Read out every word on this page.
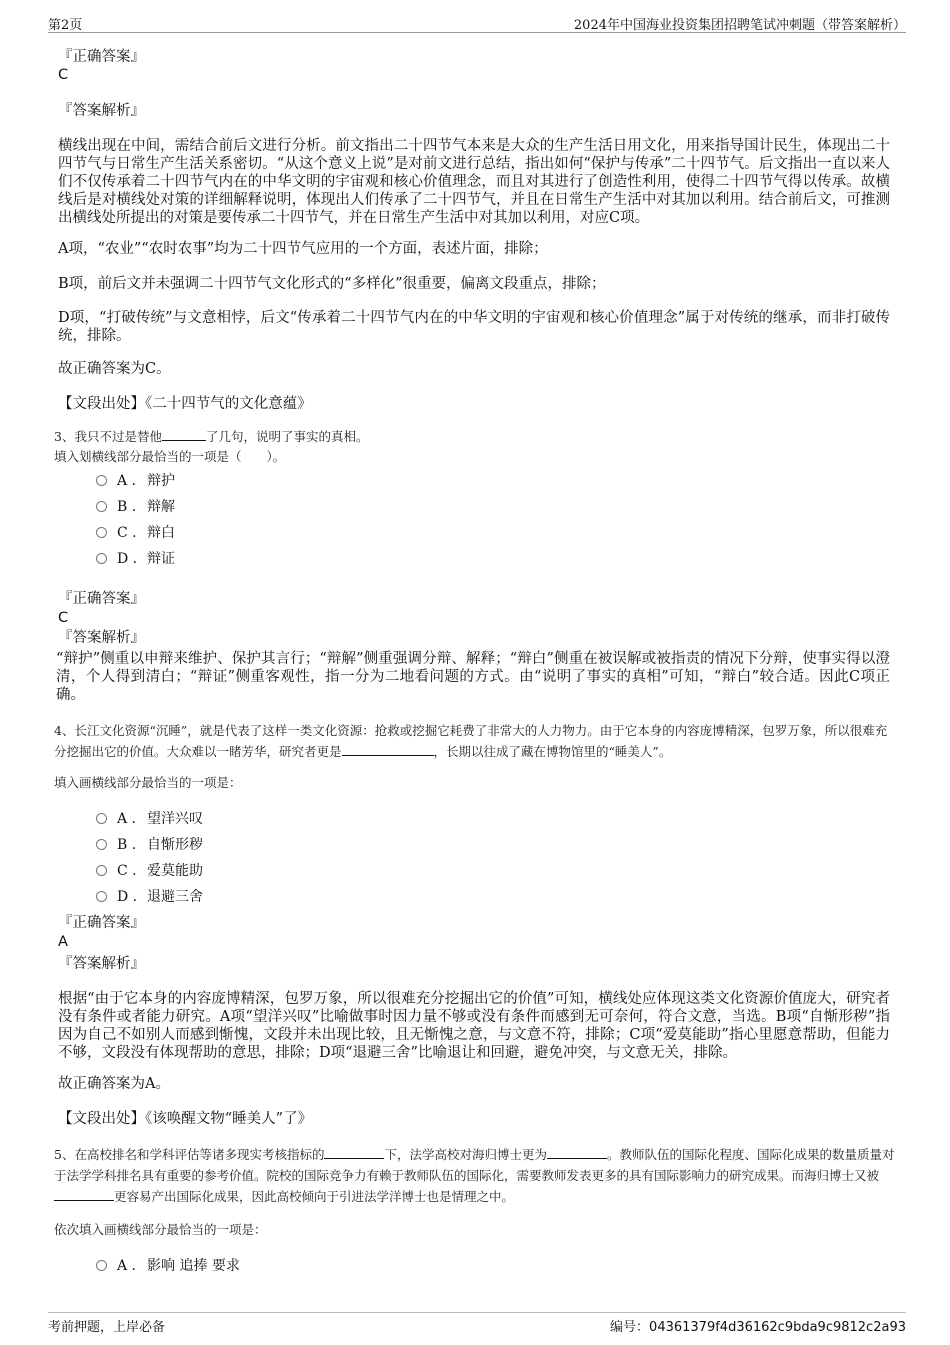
第2页	2024年中国海业投资集团招聘笔试冲刺题（带答案解析）

『正确答案』

C

『答案解析』

横线出现在中间，需结合前后文进行分析。前文指出二十四节气本来是大众的生产生活日用文化，用来指导国计民生，体现出二十四节气与日常生产生活关系密切。“从这个意义上说”是对前文进行总结，指出如何“保护与传承”二十四节气。后文指出一直以来人们不仅传承着二十四节气内在的中华文明的宇宙观和核心价值理念，而且对其进行了创造性利用，使得二十四节气得以传承。故横线后是对横线处对策的详细解释说明，体现出人们传承了二十四节气，并且在日常生产生活中对其加以利用。结合前后文，可推测出横线处所提出的对策是要传承二十四节气，并在日常生产生活中对其加以利用，对应C项。

A项，“农业”“农时农事”均为二十四节气应用的一个方面，表述片面，排除；

B项，前后文并未强调二十四节气文化形式的“多样化”很重要，偏离文段重点，排除；

D项，“打破传统”与文意相悖，后文“传承着二十四节气内在的中华文明的宇宙观和核心价值理念”属于对传统的继承，而非打破传统，排除。

故正确答案为C。

【文段出处】《二十四节气的文化意蕴》

3、我只不过是替他	了几句，说明了事实的真相。
填入划横线部分最恰当的一项是（　　）。
A . 辩护
B . 辩解
C . 辩白
D . 辩证

『正确答案』

C

『答案解析』

“辩护”侧重以申辩来维护、保护其言行；“辩解”侧重强调分辩、解释；“辩白”侧重在被误解或被指责的情况下分辩，使事实得以澄清，个人得到清白；“辩证”侧重客观性，指一分为二地看问题的方式。由“说明了事实的真相”可知，“辩白”较合适。因此C项正确。

4、长江文化资源“沉睡”，就是代表了这样一类文化资源：抢救或挖掘它耗费了非常大的人力物力。由于它本身的内容庞博精深，包罗万象，所以很难充分挖掘出它的价值。大众难以一睹芳华，研究者更是	，长期以往成了藏在博物馆里的“睡美人”。
填入画横线部分最恰当的一项是：
A . 望洋兴叹
B . 自惭形秽
C . 爱莫能助
D . 退避三舍

『正确答案』

A

『答案解析』

根据“由于它本身的内容庞博精深，包罗万象，所以很难充分挖掘出它的价值”可知，横线处应体现这类文化资源价值庞大，研究者没有条件或者能力研究。A项“望洋兴叹”比喻做事时因力量不够或没有条件而感到无可奈何，符合文意，当选。B项“自惭形秽”指因为自己不如别人而感到惭愧，文段并未出现比较，且无惭愧之意，与文意不符，排除；C项“爱莫能助”指心里愿意帮助，但能力不够，文段没有体现帮助的意思，排除；D项“退避三舍”比喻退让和回避，避免冲突，与文意无关，排除。

故正确答案为A。

【文段出处】《该唤醒文物“睡美人”了》

5、在高校排名和学科评估等诸多现实考核指标的	下，法学高校对海归博士更为	。教师队伍的国际化程度、国际化成果的数量质量对于法学学科排名具有重要的参考价值。院校的国际竞争力有赖于教师队伍的国际化，需要教师发表更多的具有国际影响力的研究成果。而海归博士又被更容易产出国际化成果，因此高校倾向于引进法学洋博士也是情理之中。
依次填入画横线部分最恰当的一项是：
A . 影响 追捧 要求
考前押题，上岸必备	编号：04361379f4d36162c9bda9c9812c2a93
